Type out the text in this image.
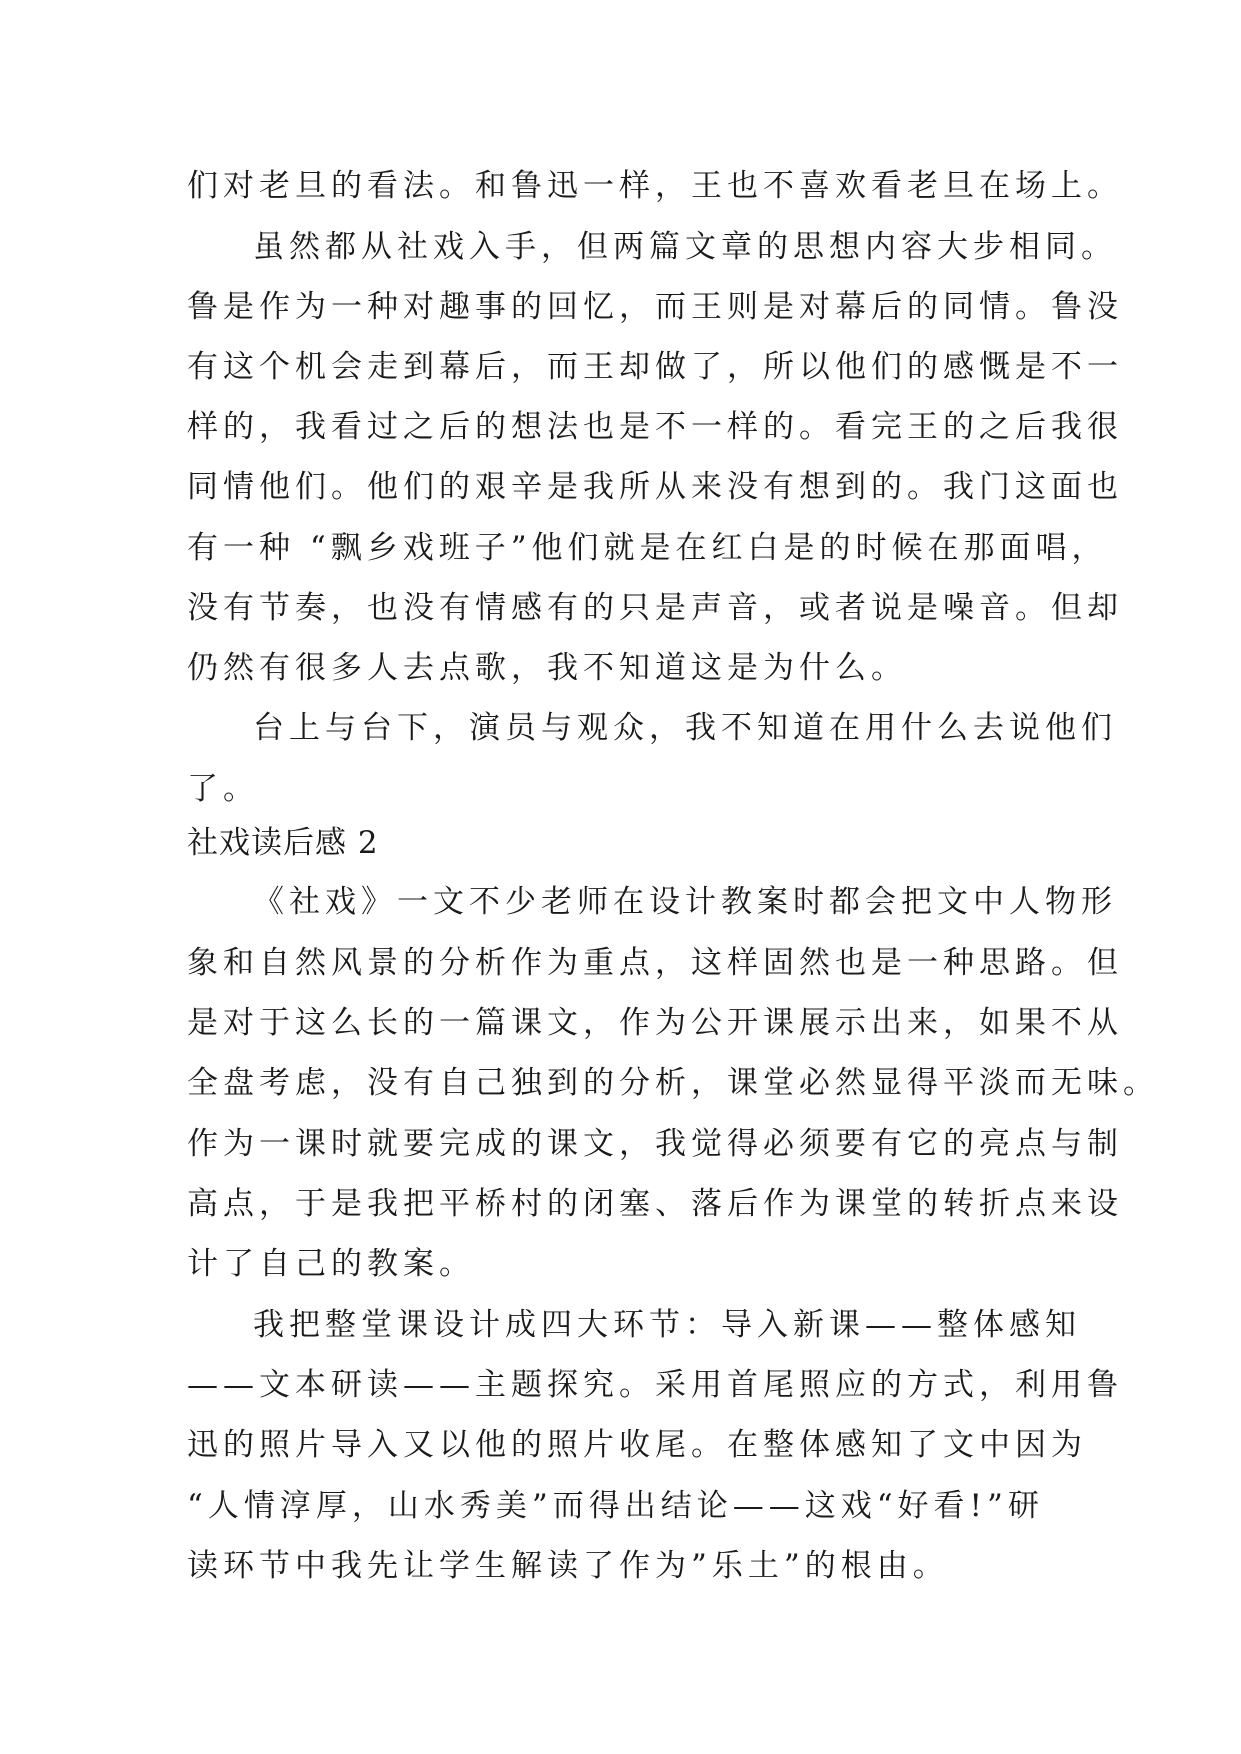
们对老旦的看法。和鲁迅一样，王也不喜欢看老旦在场上。
虽然都从社戏入手，但两篇文章的思想内容大步相同。
鲁是作为一种对趣事的回忆，而王则是对幕后的同情。鲁没
有这个机会走到幕后，而王却做了，所以他们的感慨是不一
样的，我看过之后的想法也是不一样的。看完王的之后我很
同情他们。他们的艰辛是我所从来没有想到的。我门这面也
有一种 “飘乡戏班子”他们就是在红白是的时候在那面唱，
没有节奏，也没有情感有的只是声音，或者说是噪音。但却
仍然有很多人去点歌，我不知道这是为什么。
台上与台下，演员与观众，我不知道在用什么去说他们
了。
社戏读后感 2
《社戏》一文不少老师在设计教案时都会把文中人物形
象和自然风景的分析作为重点，这样固然也是一种思路。但
是对于这么长的一篇课文，作为公开课展示出来，如果不从
全盘考虑，没有自己独到的分析，课堂必然显得平淡而无味。
作为一课时就要完成的课文，我觉得必须要有它的亮点与制
高点，于是我把平桥村的闭塞、落后作为课堂的转折点来设
计了自己的教案。
我把整堂课设计成四大环节：导入新课——整体感知
——文本研读——主题探究。采用首尾照应的方式，利用鲁
迅的照片导入又以他的照片收尾。在整体感知了文中因为
“人情淳厚，山水秀美”而得出结论——这戏“好看!”研
读环节中我先让学生解读了作为”乐土”的根由。
